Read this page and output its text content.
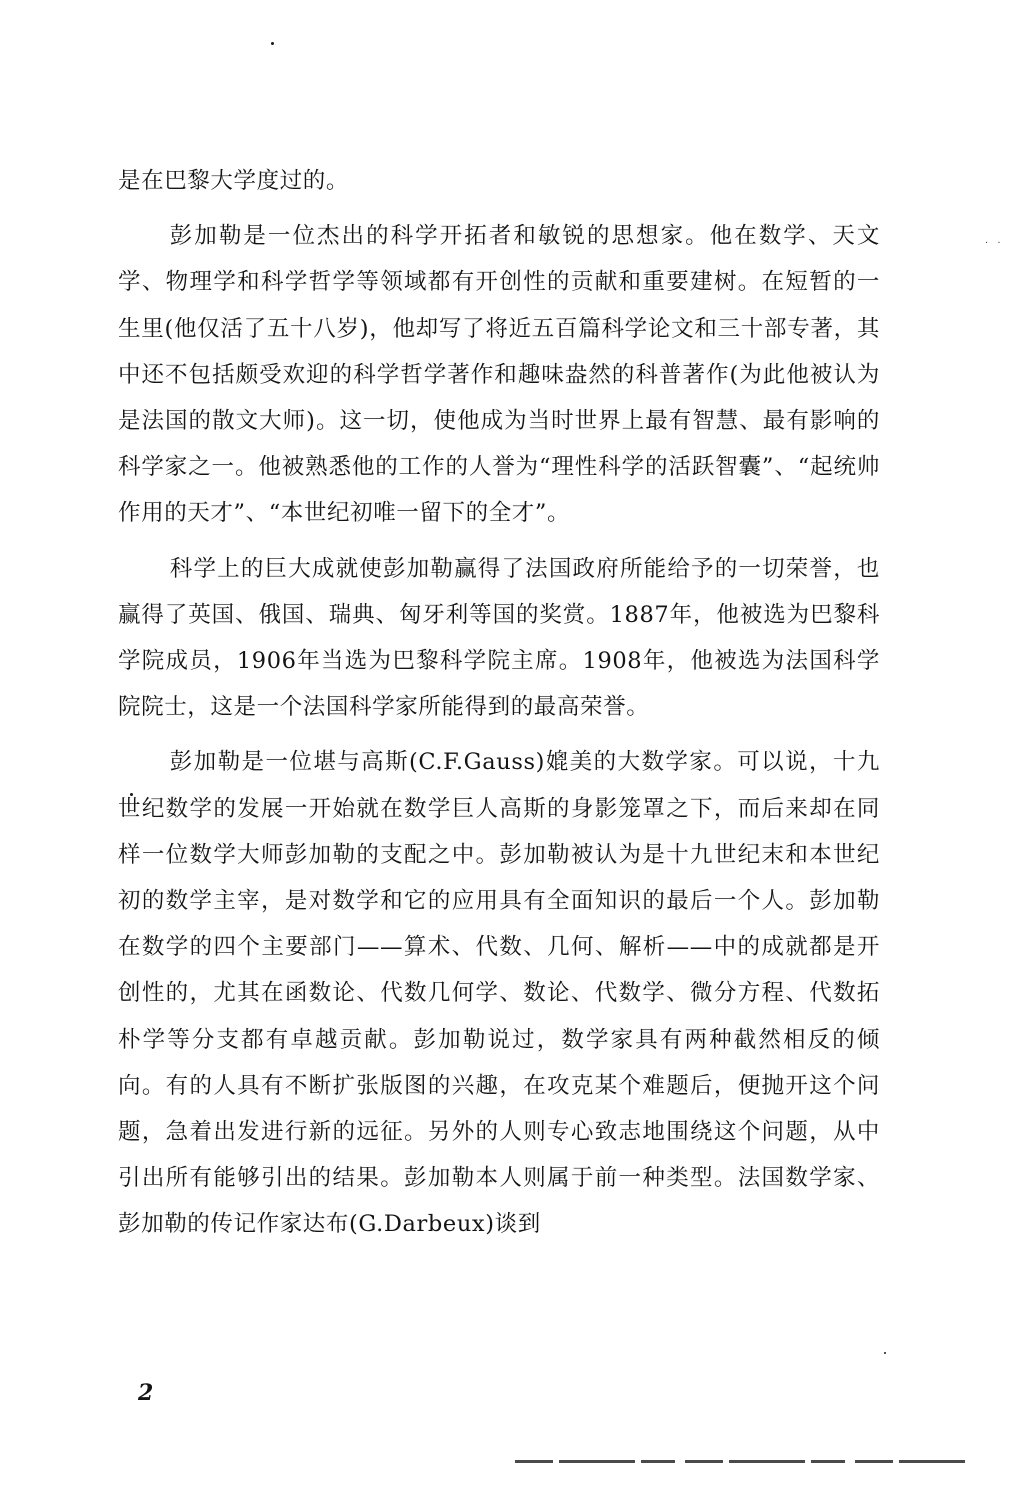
· ·

是在巴黎大学度过的。

彭加勒是一位杰出的科学开拓者和敏锐的思想家。他在数学、天文学、物理学和科学哲学等领域都有开创性的贡献和重要建树。在短暂的一生里(他仅活了五十八岁)，他却写了将近五百篇科学论文和三十部专著，其中还不包括颇受欢迎的科学哲学著作和趣味盎然的科普著作(为此他被认为是法国的散文大师)。这一切，使他成为当时世界上最有智慧、最有影响的科学家之一。他被熟悉他的工作的人誉为“理性科学的活跃智囊”、“起统帅作用的天才”、“本世纪初唯一留下的全才”。

科学上的巨大成就使彭加勒赢得了法国政府所能给予的一切荣誉，也赢得了英国、俄国、瑞典、匈牙利等国的奖赏。1887年，他被选为巴黎科学院成员，1906年当选为巴黎科学院主席。1908年，他被选为法国科学院院士，这是一个法国科学家所能得到的最高荣誉。

彭加勒是一位堪与高斯(C.F.Gauss)媲美的大数学家。可以说，十九世纪数学的发展一开始就在数学巨人高斯的身影笼罩之下，而后来却在同样一位数学大师彭加勒的支配之中。彭加勒被认为是十九世纪末和本世纪初的数学主宰，是对数学和它的应用具有全面知识的最后一个人。彭加勒在数学的四个主要部门——算术、代数、几何、解析——中的成就都是开创性的，尤其在函数论、代数几何学、数论、代数学、微分方程、代数拓朴学等分支都有卓越贡献。彭加勒说过，数学家具有两种截然相反的倾向。有的人具有不断扩张版图的兴趣，在攻克某个难题后，便抛开这个问题，急着出发进行新的远征。另外的人则专心致志地围绕这个问题，从中引出所有能够引出的结果。彭加勒本人则属于前一种类型。法国数学家、彭加勒的传记作家达布(G.Darbeux)谈到

2
